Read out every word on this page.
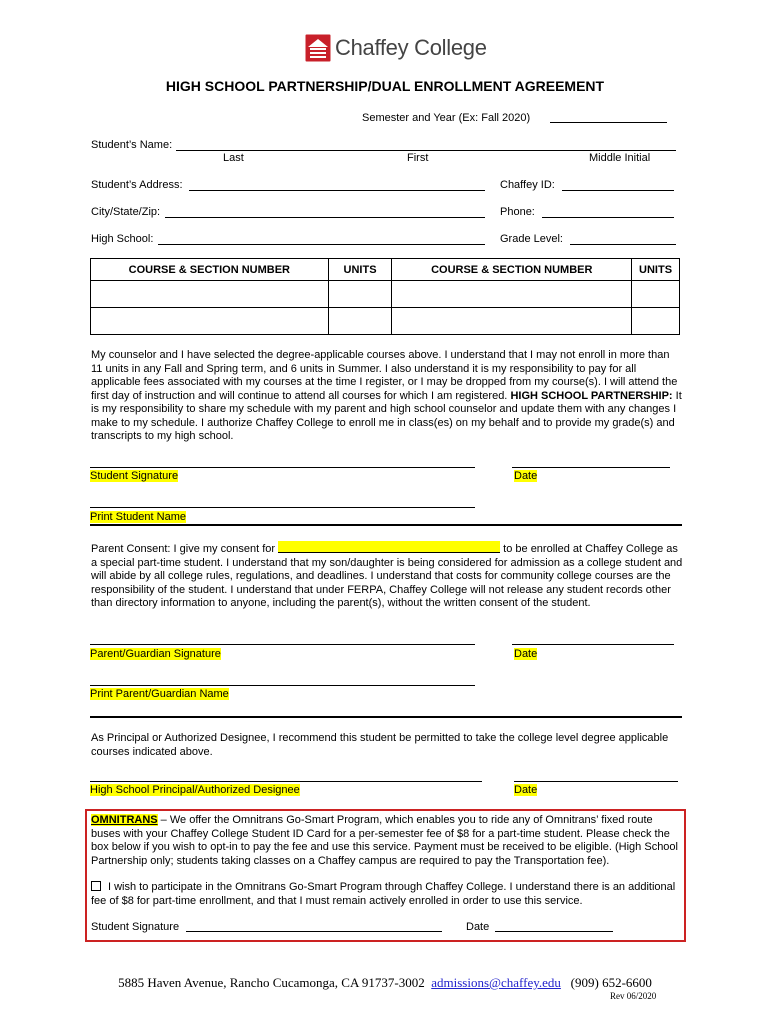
Chaffey College
HIGH SCHOOL PARTNERSHIP/DUAL ENROLLMENT AGREEMENT
Semester and Year (Ex: Fall 2020)
Student’s Name:
Last	First	Middle Initial
Student’s Address:	Chaffey ID:
City/State/Zip:	Phone:
High School:	Grade Level:
COURSE & SECTION NUMBER	UNITS	COURSE & SECTION NUMBER	UNITS

My counselor and I have selected the degree-applicable courses above. I understand that I may not enroll in more than 11 units in any Fall and Spring term, and 6 units in Summer. I also understand it is my responsibility to pay for all applicable fees associated with my courses at the time I register, or I may be dropped from my course(s). I will attend the first day of instruction and will continue to attend all courses for which I am registered. HIGH SCHOOL PARTNERSHIP: It is my responsibility to share my schedule with my parent and high school counselor and update them with any changes I make to my schedule. I authorize Chaffey College to enroll me in class(es) on my behalf and to provide my grade(s) and transcripts to my high school.
Student Signature	Date
Print Student Name
Parent Consent: I give my consent for	to be enrolled at Chaffey College as a special part-time student. I understand that my son/daughter is being considered for admission as a college student and will abide by all college rules, regulations, and deadlines. I understand that costs for community college courses are the responsibility of the student. I understand that under FERPA, Chaffey College will not release any student records other than directory information to anyone, including the parent(s), without the written consent of the student.
Parent/Guardian Signature	Date
Print Parent/Guardian Name
As Principal or Authorized Designee, I recommend this student be permitted to take the college level degree applicable courses indicated above.
High School Principal/Authorized Designee	Date
OMNITRANS – We offer the Omnitrans Go-Smart Program, which enables you to ride any of Omnitrans’ fixed route buses with your Chaffey College Student ID Card for a per-semester fee of $8 for a part-time student. Please check the box below if you wish to opt-in to pay the fee and use this service. Payment must be received to be eligible. (High School Partnership only; students taking classes on a Chaffey campus are required to pay the Transportation fee).
I wish to participate in the Omnitrans Go-Smart Program through Chaffey College. I understand there is an additional fee of $8 for part-time enrollment, and that I must remain actively enrolled in order to use this service.
Student Signature	Date
5885 Haven Avenue, Rancho Cucamonga, CA 91737-3002 admissions@chaffey.edu (909) 652-6600
Rev 06/2020
